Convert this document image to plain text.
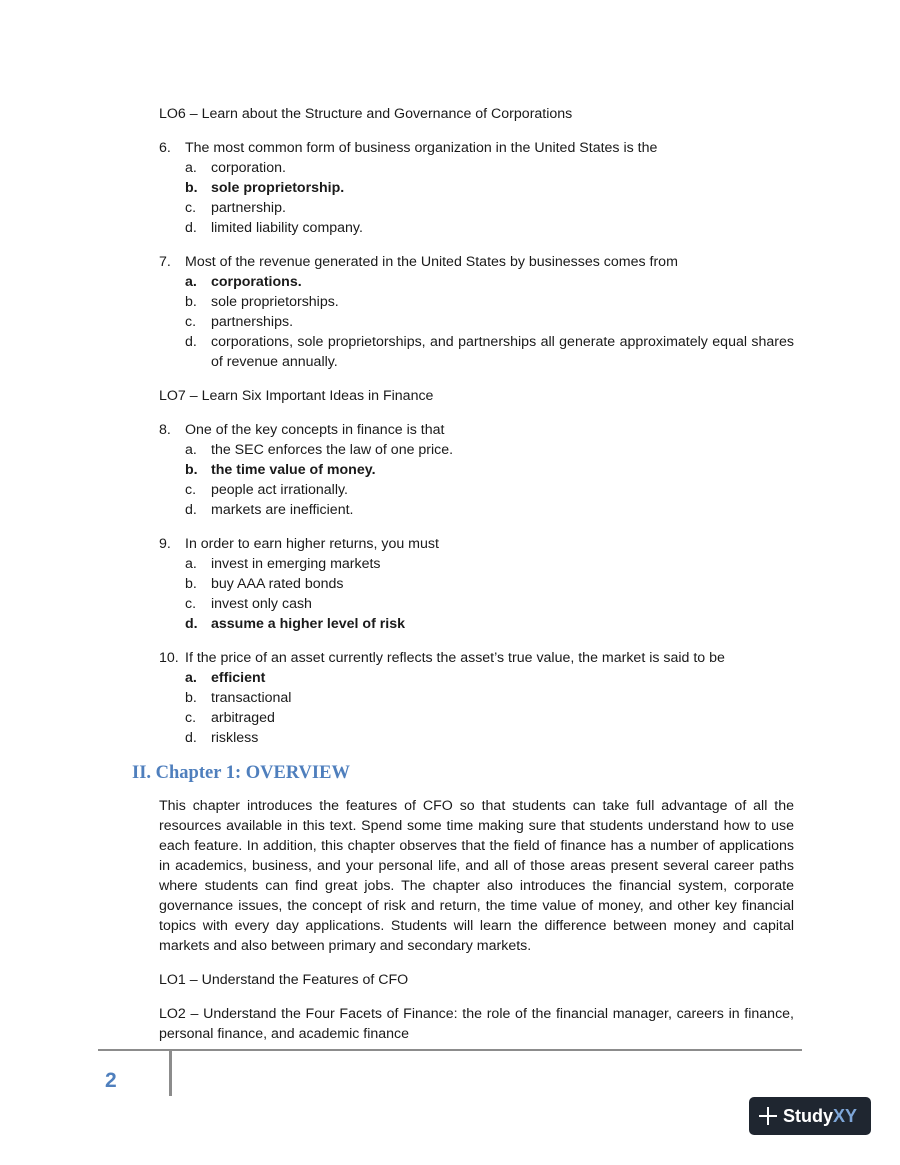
LO6 – Learn about the Structure and Governance of Corporations

6. The most common form of business organization in the United States is the
a. corporation.
b. sole proprietorship.
c.	partnership.
d. limited liability company.
7. Most of the revenue generated in the United States by businesses comes from
a. corporations.
b. sole proprietorships.
c.	partnerships.
d. corporations, sole proprietorships, and partnerships all generate approximately equal shares of revenue annually.

LO7 – Learn Six Important Ideas in Finance

8. One of the key concepts in finance is that
a. the SEC enforces the law of one price.
b. the time value of money.
c.	people act irrationally.
d. markets are inefficient.
9. In order to earn higher returns, you must
a. invest in emerging markets
b. buy AAA rated bonds
c.	invest only cash
d. assume a higher level of risk
10. If the price of an asset currently reflects the asset’s true value, the market is said to be
a. efficient
b. transactional
c.	arbitraged
d. riskless
II. Chapter 1: OVERVIEW

This chapter introduces the features of CFO so that students can take full advantage of all the resources available in this text. Spend some time making sure that students understand how to use each feature. In addition, this chapter observes that the field of finance has a number of applications in academics, business, and your personal life, and all of those areas present several career paths where students can find great jobs. The chapter also introduces the financial system, corporate governance issues, the concept of risk and return, the time value of money, and other key financial topics with every day applications. Students will learn the difference between money and capital markets and also between primary and secondary markets.

LO1 – Understand the Features of CFO

LO2 – Understand the Four Facets of Finance: the role of the financial manager, careers in finance, personal finance, and academic finance

2
StudyXY
